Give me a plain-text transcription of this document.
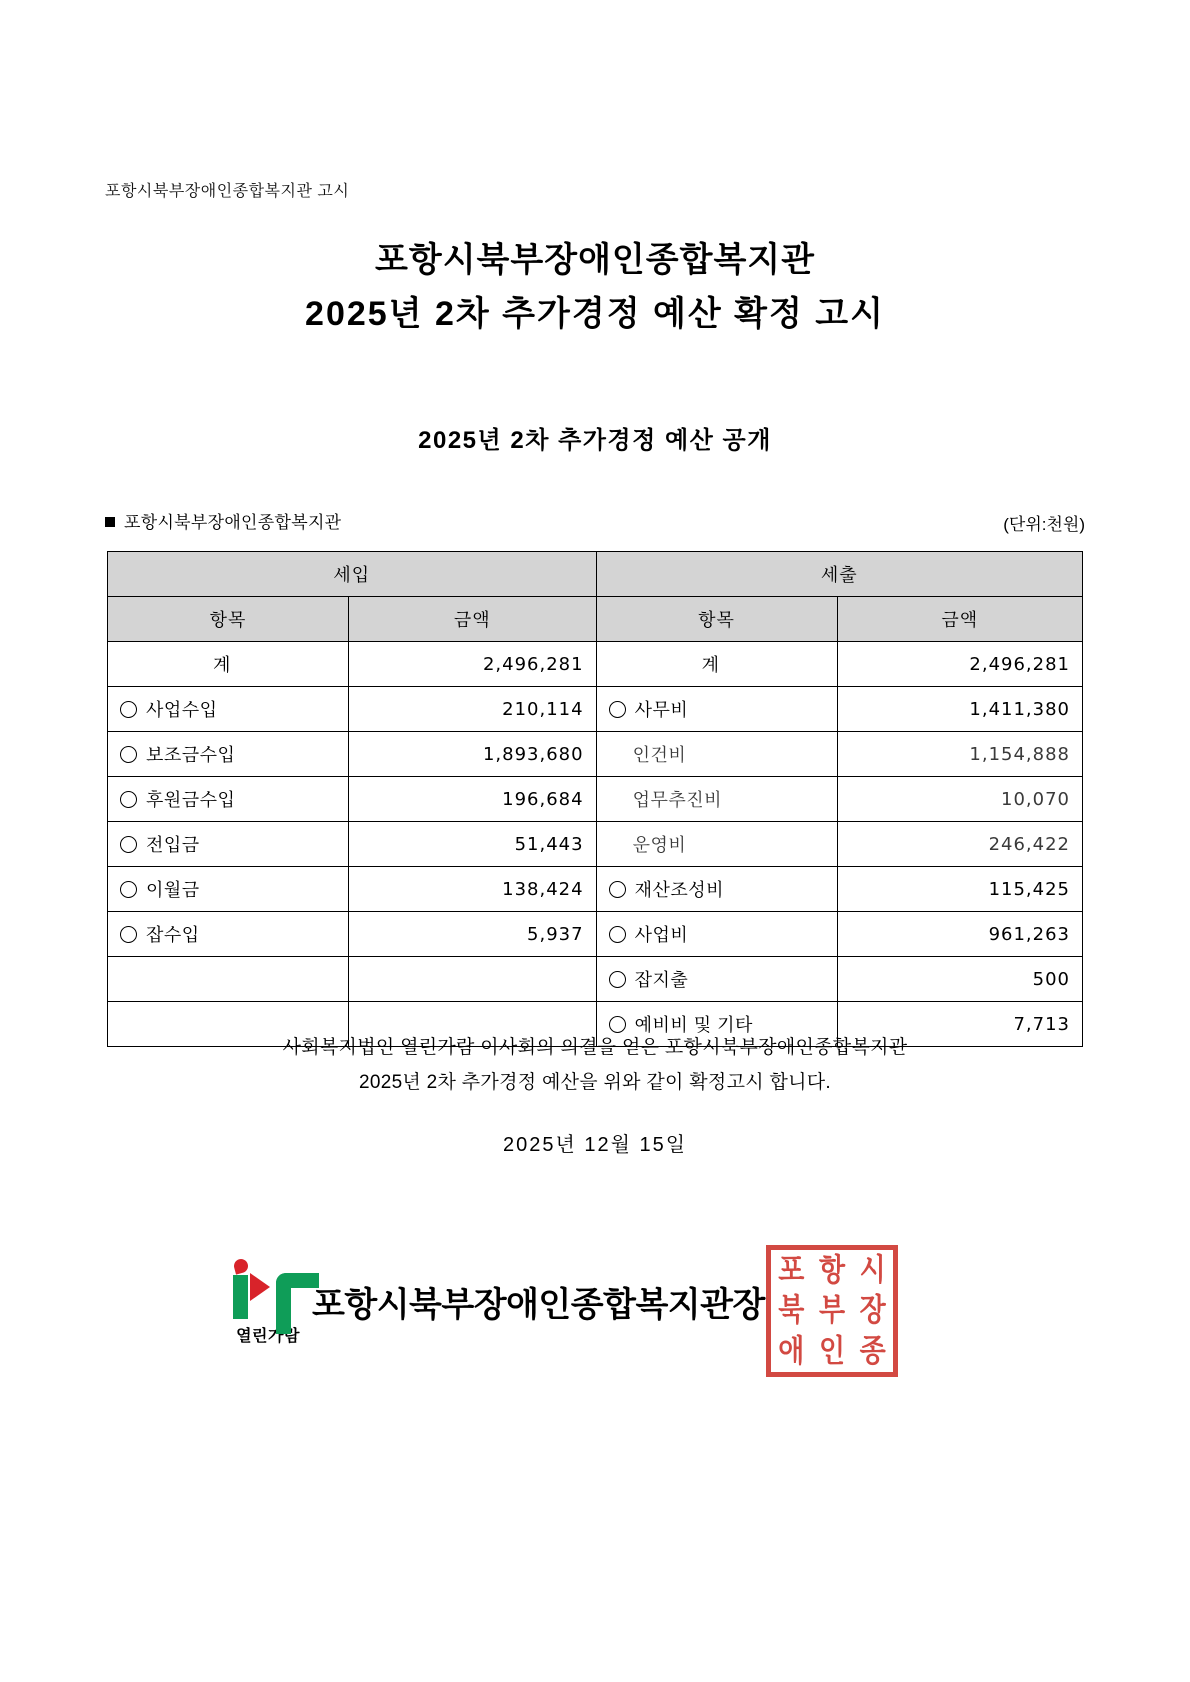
포항시북부장애인종합복지관 고시
포항시북부장애인종합복지관
2025년 2차 추가경정 예산 확정 고시
2025년 2차 추가경정 예산 공개
포항시북부장애인종합복지관	(단위:천원)
세입		세출	
항목	금액	항목	금액
계	2,496,281	계	2,496,281
사업수입	210,114	사무비	1,411,380
보조금수입	1,893,680	인건비	1,154,888
후원금수입	196,684	업무추진비	10,070
전입금	51,443	운영비	246,422
이월금	138,424	재산조성비	115,425
잡수입	5,937	사업비	961,263
		잡지출	500
		예비비 및 기타	7,713
사회복지법인 열린가람 이사회의 의결을 얻은 포항시북부장애인종합복지관
2025년 2차 추가경정 예산을 위와 같이 확정고시 합니다.
2025년 12월 15일
열린가람
포항시북부장애인종합복지관장
포 항 시
북 부 장
애 인 종
